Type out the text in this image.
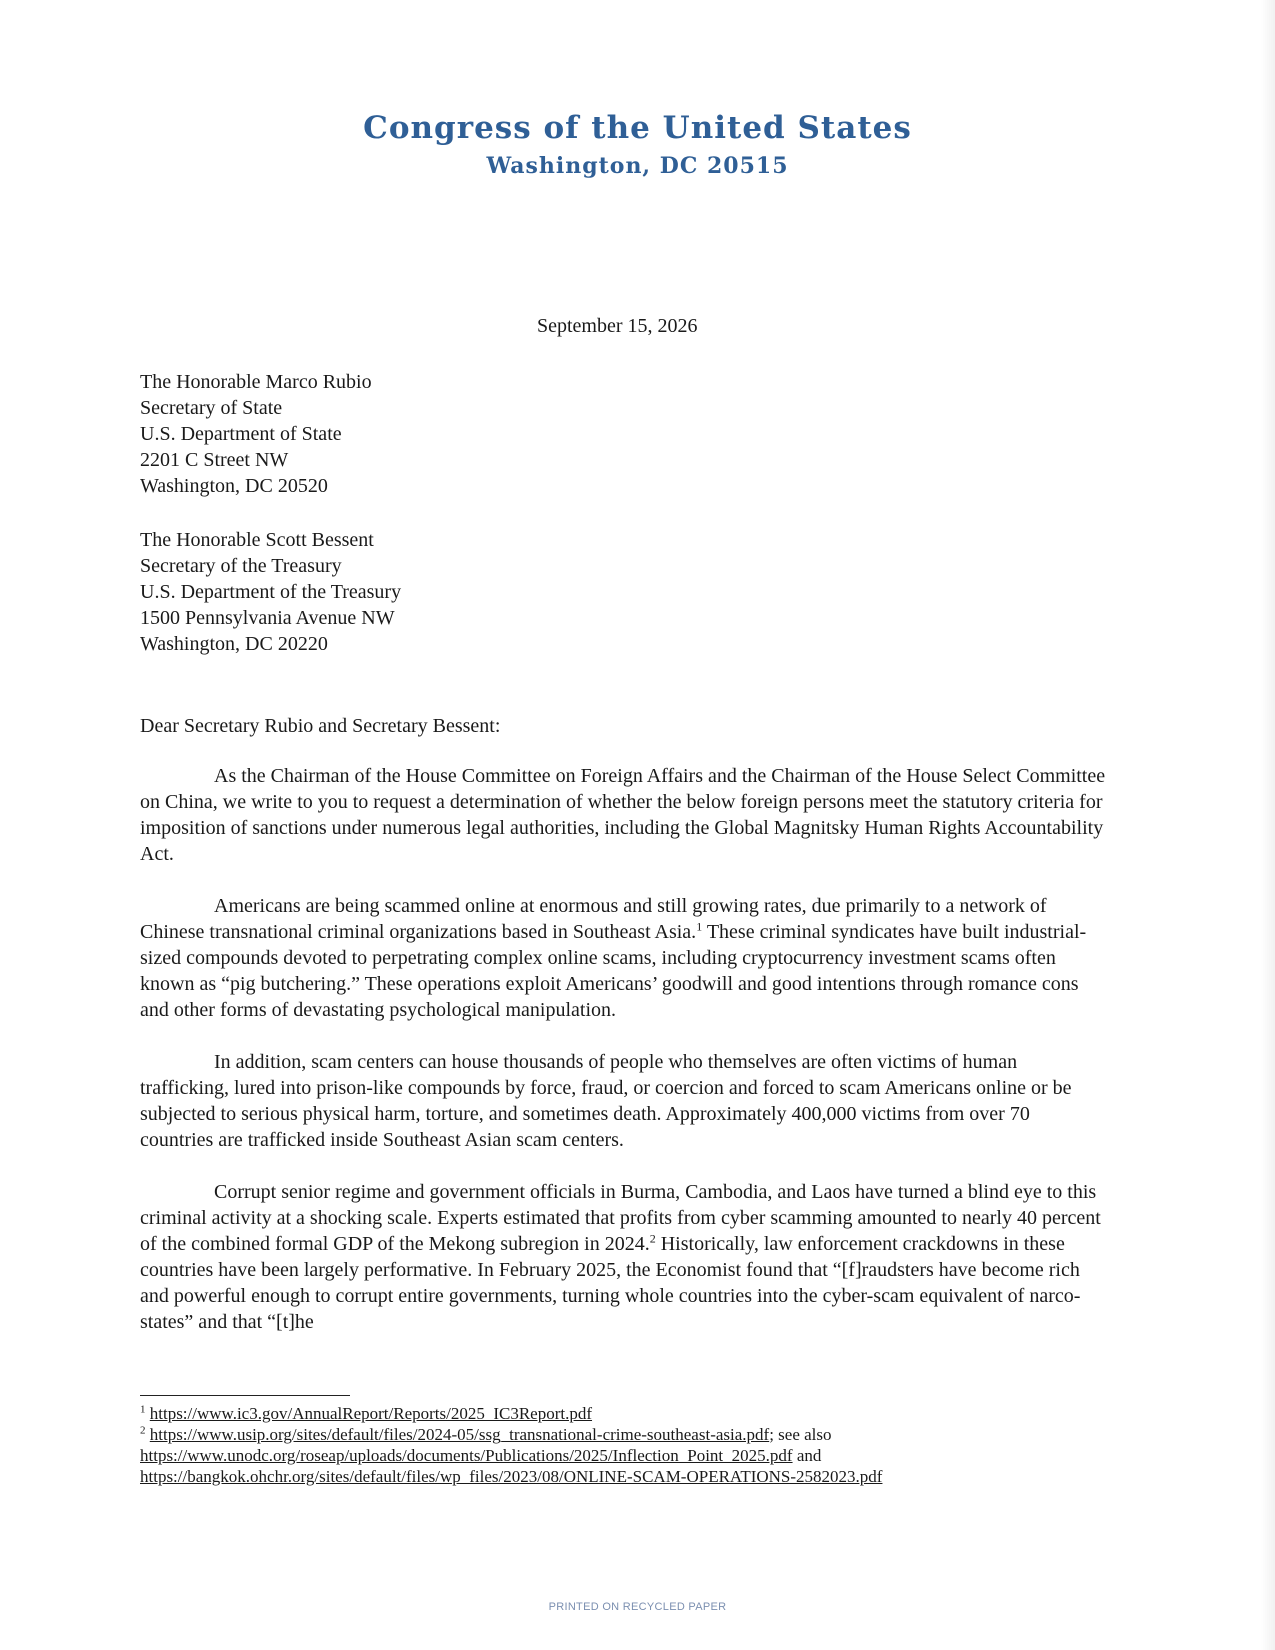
Congress of the United States
Washington, DC 20515
September 15, 2026
The Honorable Marco Rubio
Secretary of State
U.S. Department of State
2201 C Street NW
Washington, DC 20520
The Honorable Scott Bessent
Secretary of the Treasury
U.S. Department of the Treasury
1500 Pennsylvania Avenue NW
Washington, DC 20220
Dear Secretary Rubio and Secretary Bessent:

As the Chairman of the House Committee on Foreign Affairs and the Chairman of the House Select Committee on China, we write to you to request a determination of whether the below foreign persons meet the statutory criteria for imposition of sanctions under numerous legal authorities, including the Global Magnitsky Human Rights Accountability Act.

Americans are being scammed online at enormous and still growing rates, due primarily to a network of Chinese transnational criminal organizations based in Southeast Asia.$^1$ These criminal syndicates have built industrial-sized compounds devoted to perpetrating complex online scams, including cryptocurrency investment scams often known as “pig butchering.” These operations exploit Americans’ goodwill and good intentions through romance cons and other forms of devastating psychological manipulation.

In addition, scam centers can house thousands of people who themselves are often victims of human trafficking, lured into prison-like compounds by force, fraud, or coercion and forced to scam Americans online or be subjected to serious physical harm, torture, and sometimes death. Approximately 400,000 victims from over 70 countries are trafficked inside Southeast Asian scam centers.

Corrupt senior regime and government officials in Burma, Cambodia, and Laos have turned a blind eye to this criminal activity at a shocking scale. Experts estimated that profits from cyber scamming amounted to nearly 40 percent of the combined formal GDP of the Mekong subregion in 2024.$^2$ Historically, law enforcement crackdowns in these countries have been largely performative. In February 2025, the Economist found that “[f]raudsters have become rich and powerful enough to corrupt entire governments, turning whole countries into the cyber-scam equivalent of narco-states” and that “[t]he

$^1$ https://www.ic3.gov/AnnualReport/Reports/2025_IC3Report.pdf
$^2$ https://www.usip.org/sites/default/files/2024-05/ssg_transnational-crime-southeast-asia.pdf; see also
https://www.unodc.org/roseap/uploads/documents/Publications/2025/Inflection_Point_2025.pdf and
https://bangkok.ohchr.org/sites/default/files/wp_files/2023/08/ONLINE-SCAM-OPERATIONS-2582023.pdf
PRINTED ON RECYCLED PAPER
